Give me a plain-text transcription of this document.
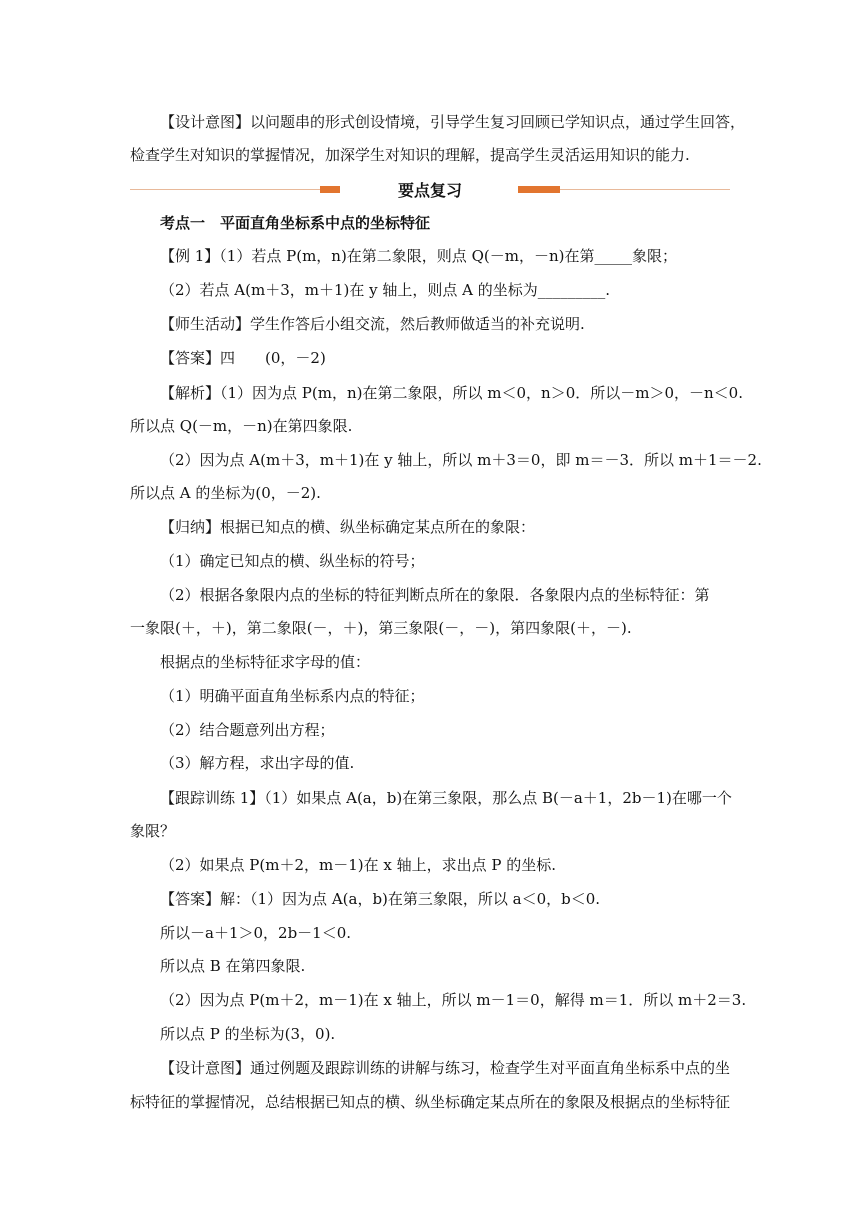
【设计意图】以问题串的形式创设情境，引导学生复习回顾已学知识点，通过学生回答，
检查学生对知识的掌握情况，加深学生对知识的理解，提高学生灵活运用知识的能力.
要点复习
考点一　平面直角坐标系中点的坐标特征
【例 1】（1）若点 P(m，n)在第二象限，则点 Q(－m，－n)在第_____象限；
（2）若点 A(m＋3，m＋1)在 y 轴上，则点 A 的坐标为_________.
【师生活动】学生作答后小组交流，然后教师做适当的补充说明.
【答案】四　　(0，－2)
【解析】（1）因为点 P(m，n)在第二象限，所以 m＜0，n＞0．所以－m＞0，－n＜0.
所以点 Q(－m，－n)在第四象限.
（2）因为点 A(m＋3，m＋1)在 y 轴上，所以 m＋3＝0，即 m＝－3．所以 m＋1＝－2.
所以点 A 的坐标为(0，－2).
【归纳】根据已知点的横、纵坐标确定某点所在的象限：
（1）确定已知点的横、纵坐标的符号；
（2）根据各象限内点的坐标的特征判断点所在的象限．各象限内点的坐标特征：第
一象限(＋，＋)，第二象限(－，＋)，第三象限(－，－)，第四象限(＋，－).
根据点的坐标特征求字母的值：
（1）明确平面直角坐标系内点的特征；
（2）结合题意列出方程；
（3）解方程，求出字母的值.
【跟踪训练 1】（1）如果点 A(a，b)在第三象限，那么点 B(－a＋1，2b－1)在哪一个
象限？
（2）如果点 P(m＋2，m－1)在 x 轴上，求出点 P 的坐标.
【答案】解：（1）因为点 A(a，b)在第三象限，所以 a＜0，b＜0.
所以－a＋1＞0，2b－1＜0.
所以点 B 在第四象限.
（2）因为点 P(m＋2，m－1)在 x 轴上，所以 m－1＝0，解得 m＝1．所以 m＋2＝3.
所以点 P 的坐标为(3，0).
【设计意图】通过例题及跟踪训练的讲解与练习，检查学生对平面直角坐标系中点的坐
标特征的掌握情况，总结根据已知点的横、纵坐标确定某点所在的象限及根据点的坐标特征
